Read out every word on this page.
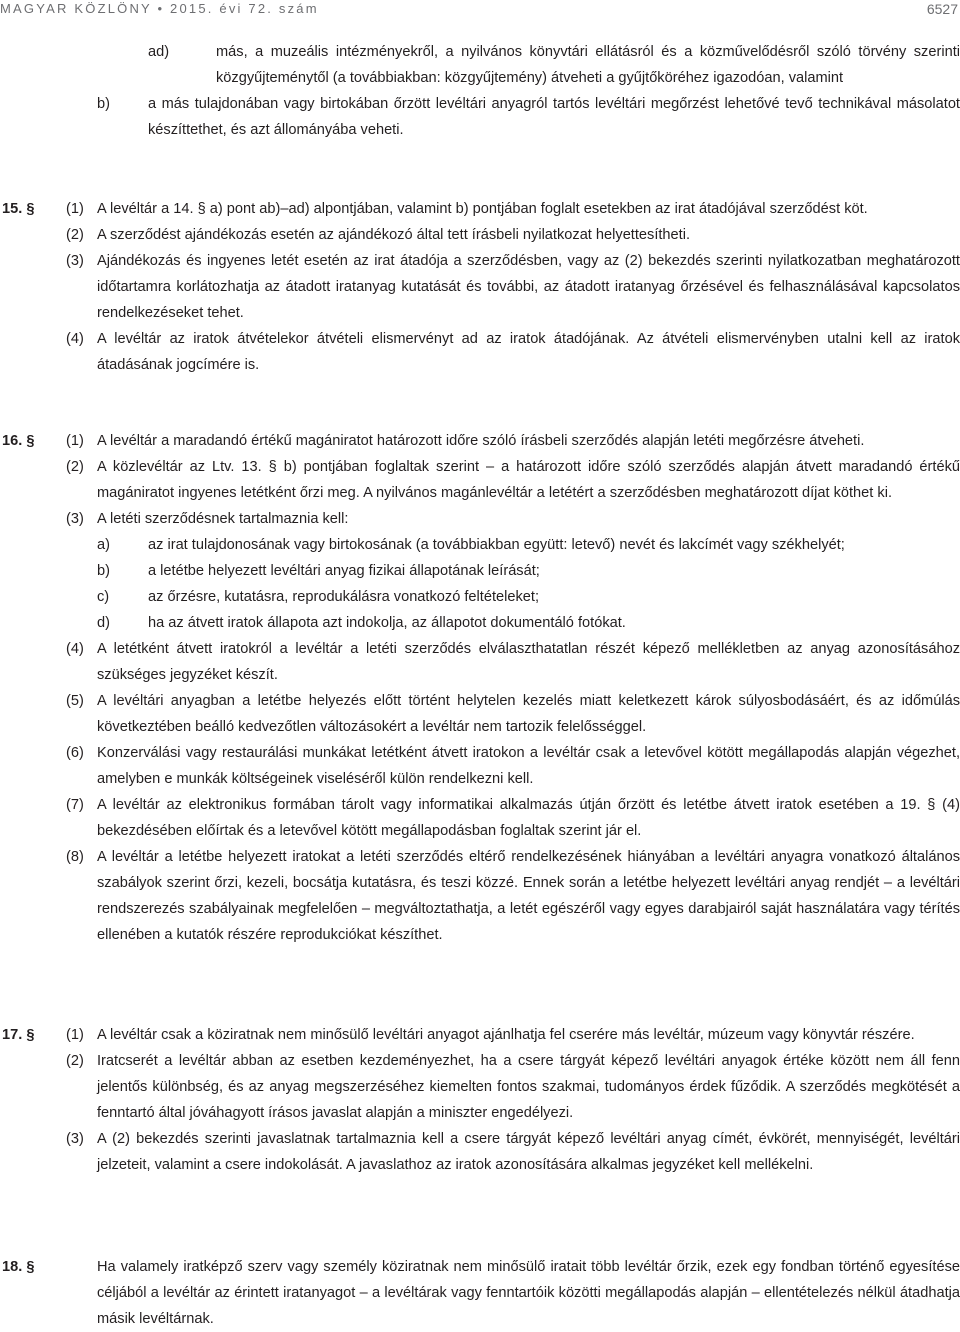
MAGYAR KÖZLÖNY • 2015. évi 72. szám	6527
ad)	más, a muzeális intézményekről, a nyilvános könyvtári ellátásról és a közművelődésről szóló törvény szerinti közgyűjteménytől (a továbbiakban: közgyűjtemény) átveheti a gyűjtőköréhez igazodóan, valamint
b)	a más tulajdonában vagy birtokában őrzött levéltári anyagról tartós levéltári megőrzést lehetővé tevő technikával másolatot készíttethet, és azt állományába veheti.
15. § (1) A levéltár a 14. § a) pont ab)–ad) alpontjában, valamint b) pontjában foglalt esetekben az irat átadójával szerződést köt.
(2) A szerződést ajándékozás esetén az ajándékozó által tett írásbeli nyilatkozat helyettesítheti.
(3) Ajándékozás és ingyenes letét esetén az irat átadója a szerződésben, vagy az (2) bekezdés szerinti nyilatkozatban meghatározott időtartamra korlátozhatja az átadott iratanyag kutatását és további, az átadott iratanyag őrzésével és felhasználásával kapcsolatos rendelkezéseket tehet.
(4) A levéltár az iratok átvételekor átvételi elismervényt ad az iratok átadójának. Az átvételi elismervényben utalni kell az iratok átadásának jogcímére is.
16. § (1) A levéltár a maradandó értékű magániratot határozott időre szóló írásbeli szerződés alapján letéti megőrzésre átveheti.
(2) A közlevéltár az Ltv. 13. § b) pontjában foglaltak szerint – a határozott időre szóló szerződés alapján átvett maradandó értékű magániratot ingyenes letétként őrzi meg. A nyilvános magánlevéltár a letétért a szerződésben meghatározott díjat köthet ki.
(3) A letéti szerződésnek tartalmaznia kell:
a)	az irat tulajdonosának vagy birtokosának (a továbbiakban együtt: letevő) nevét és lakcímét vagy székhelyét;
b)	a letétbe helyezett levéltári anyag fizikai állapotának leírását;
c)	az őrzésre, kutatásra, reprodukálásra vonatkozó feltételeket;
d)	ha az átvett iratok állapota azt indokolja, az állapotot dokumentáló fotókat.
(4) A letétként átvett iratokról a levéltár a letéti szerződés elválaszthatatlan részét képező mellékletben az anyag azonosításához szükséges jegyzéket készít.
(5) A levéltári anyagban a letétbe helyezés előtt történt helytelen kezelés miatt keletkezett károk súlyosbodásáért, és az időmúlás következtében beálló kedvezőtlen változásokért a levéltár nem tartozik felelősséggel.
(6) Konzerválási vagy restaurálási munkákat letétként átvett iratokon a levéltár csak a letevővel kötött megállapodás alapján végezhet, amelyben e munkák költségeinek viseléséről külön rendelkezni kell.
(7) A levéltár az elektronikus formában tárolt vagy informatikai alkalmazás útján őrzött és letétbe átvett iratok esetében a 19. § (4) bekezdésében előírtak és a letevővel kötött megállapodásban foglaltak szerint jár el.
(8) A levéltár a letétbe helyezett iratokat a letéti szerződés eltérő rendelkezésének hiányában a levéltári anyagra vonatkozó általános szabályok szerint őrzi, kezeli, bocsátja kutatásra, és teszi közzé. Ennek során a letétbe helyezett levéltári anyag rendjét – a levéltári rendszerezés szabályainak megfelelően – megváltoztathatja, a letét egészéről vagy egyes darabjairól saját használatára vagy térítés ellenében a kutatók részére reprodukciókat készíthet.
17. § (1) A levéltár csak a köziratnak nem minősülő levéltári anyagot ajánlhatja fel cserére más levéltár, múzeum vagy könyvtár részére.
(2) Iratcserét a levéltár abban az esetben kezdeményezhet, ha a csere tárgyát képező levéltári anyagok értéke között nem áll fenn jelentős különbség, és az anyag megszerzéséhez kiemelten fontos szakmai, tudományos érdek fűződik. A szerződés megkötését a fenntartó által jóváhagyott írásos javaslat alapján a miniszter engedélyezi.
(3) A (2) bekezdés szerinti javaslatnak tartalmaznia kell a csere tárgyát képező levéltári anyag címét, évkörét, mennyiségét, levéltári jelzeteit, valamint a csere indokolását. A javaslathoz az iratok azonosítására alkalmas jegyzéket kell mellékelni.
18. §	Ha valamely iratképző szerv vagy személy köziratnak nem minősülő iratait több levéltár őrzik, ezek egy fondban történő egyesítése céljából a levéltár az érintett iratanyagot – a levéltárak vagy fenntartóik közötti megállapodás alapján – ellentételezés nélkül átadhatja másik levéltárnak.
